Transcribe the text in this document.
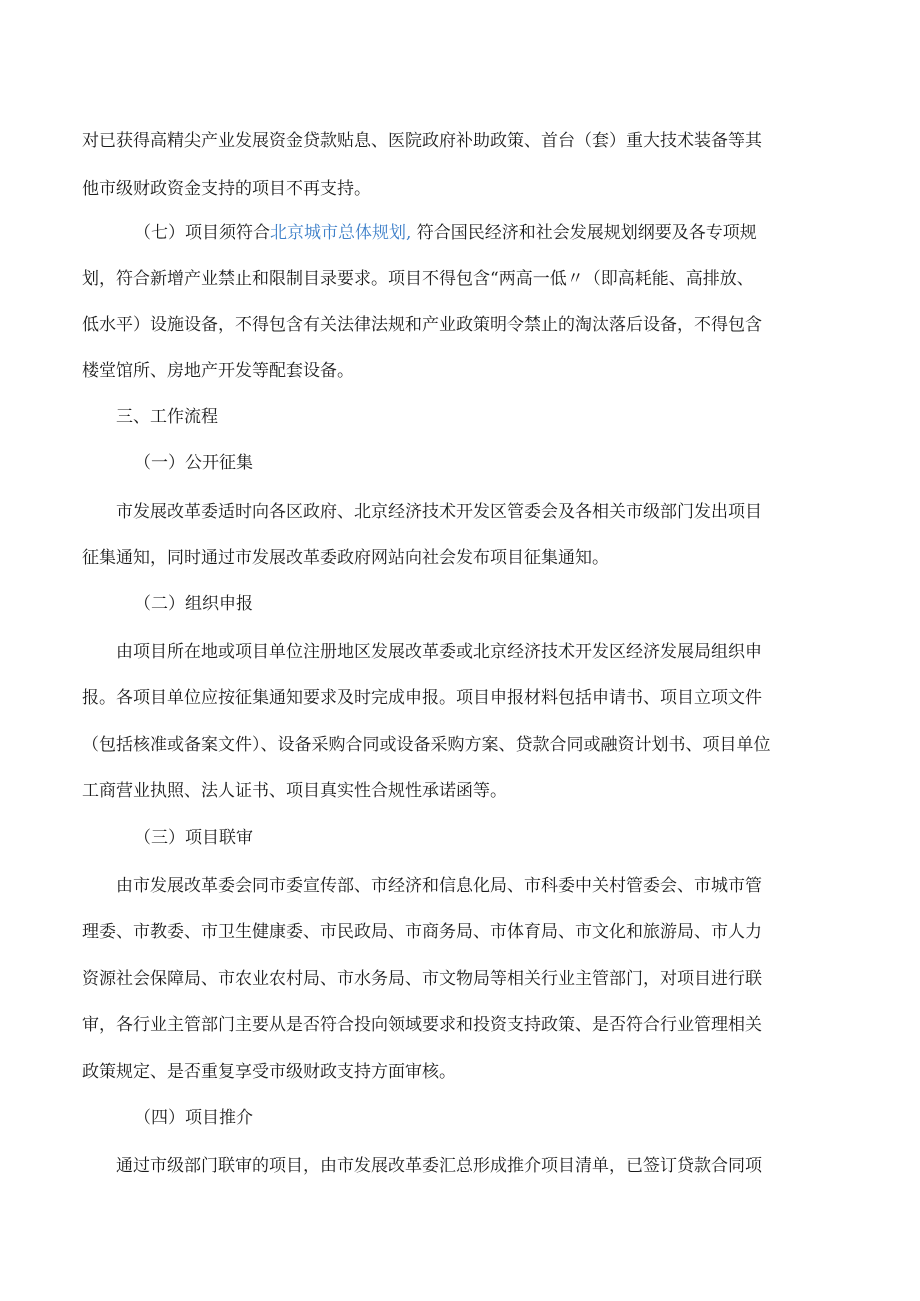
对已获得高精尖产业发展资金贷款贴息、医院政府补助政策、首台（套）重大技术装备等其
他市级财政资金支持的项目不再支持。
（七）项目须符合北京城市总体规划, 符合国民经济和社会发展规划纲要及各专项规
划，符合新增产业禁止和限制目录要求。项目不得包含“两高一低〃（即高耗能、高排放、
低水平）设施设备，不得包含有关法律法规和产业政策明令禁止的淘汰落后设备，不得包含
楼堂馆所、房地产开发等配套设备。
三、工作流程
（一）公开征集
市发展改革委适时向各区政府、北京经济技术开发区管委会及各相关市级部门发出项目
征集通知，同时通过市发展改革委政府网站向社会发布项目征集通知。
（二）组织申报
由项目所在地或项目单位注册地区发展改革委或北京经济技术开发区经济发展局组织申
报。各项目单位应按征集通知要求及时完成申报。项目申报材料包括申请书、项目立项文件
（包括核准或备案文件）、设备采购合同或设备采购方案、贷款合同或融资计划书、项目单位
工商营业执照、法人证书、项目真实性合规性承诺函等。
（三）项目联审
由市发展改革委会同市委宣传部、市经济和信息化局、市科委中关村管委会、市城市管
理委、市教委、市卫生健康委、市民政局、市商务局、市体育局、市文化和旅游局、市人力
资源社会保障局、市农业农村局、市水务局、市文物局等相关行业主管部门，对项目进行联
审，各行业主管部门主要从是否符合投向领域要求和投资支持政策、是否符合行业管理相关
政策规定、是否重复享受市级财政支持方面审核。
（四）项目推介
通过市级部门联审的项目，由市发展改革委汇总形成推介项目清单，已签订贷款合同项
